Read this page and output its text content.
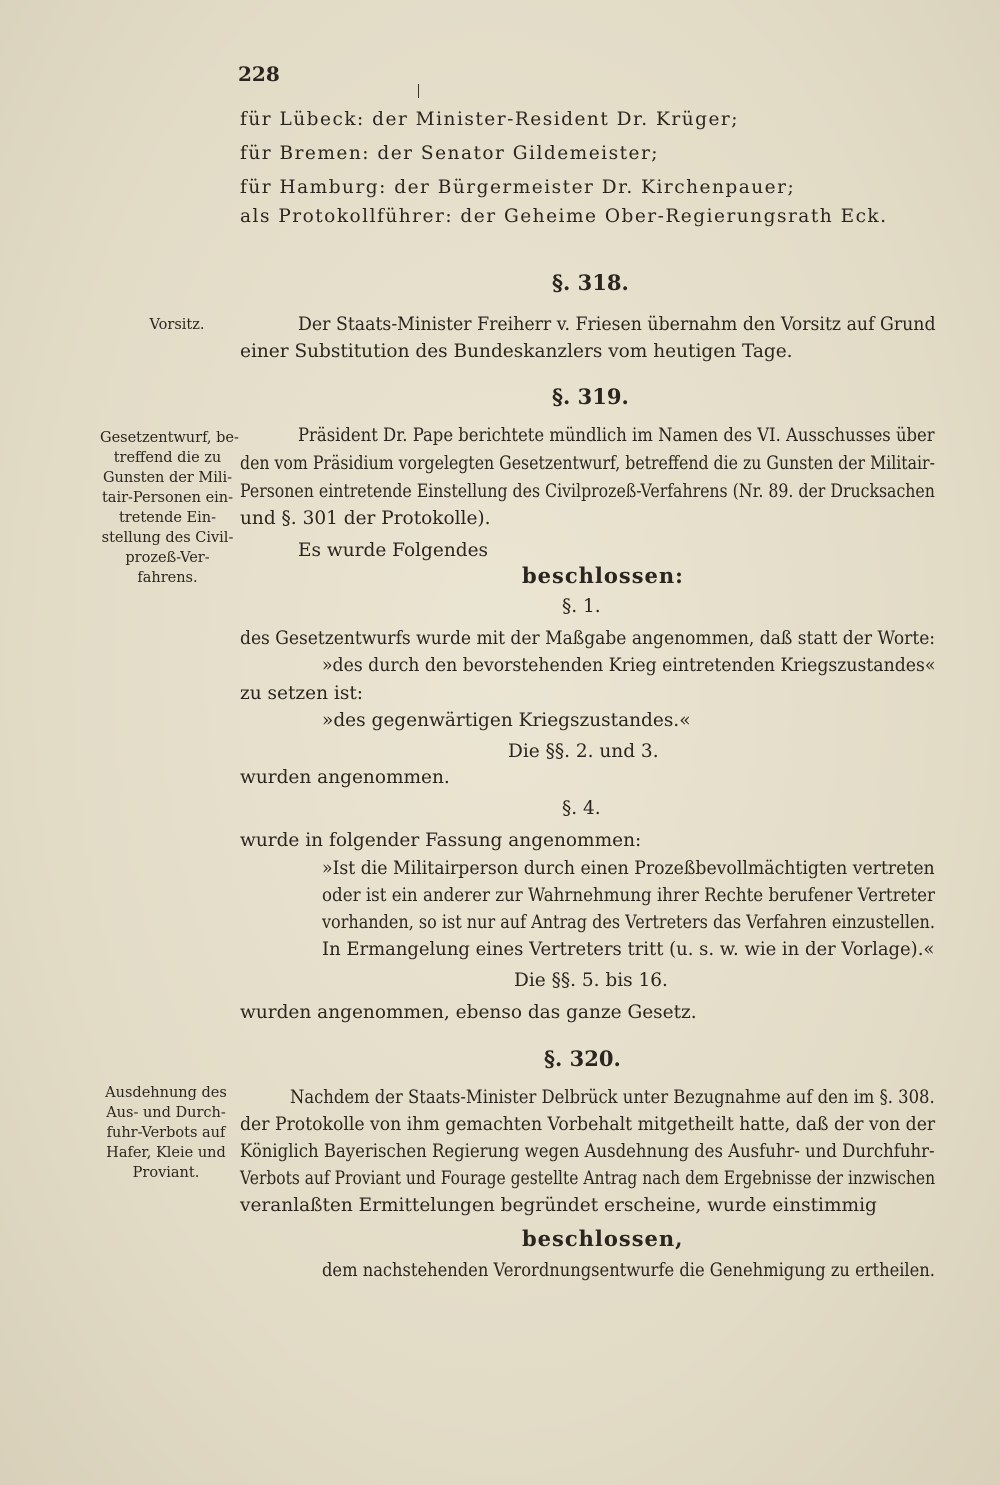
228
für Lübeck: der Minister-Resident Dr. Krüger;
für Bremen: der Senator Gildemeister;
für Hamburg: der Bürgermeister Dr. Kirchenpauer;
als Protokollführer: der Geheime Ober-Regierungsrath Eck.
§. 318.
Vorsitz.	Der Staats-Minister Freiherr v. Friesen übernahm den Vorsitz auf Grund
einer Substitution des Bundeskanzlers vom heutigen Tage.
§. 319.
Gesetzentwurf, be-
treffend die zu
Gunsten der Mili-
tair-Personen ein-
tretende Ein-
stellung des Civil-
prozeß-Ver-
fahrens.
Präsident Dr. Pape berichtete mündlich im Namen des VI. Ausschusses über
den vom Präsidium vorgelegten Gesetzentwurf, betreffend die zu Gunsten der Militair-
Personen eintretende Einstellung des Civilprozeß-Verfahrens (Nr. 89. der Drucksachen
und §. 301 der Protokolle).
Es wurde Folgendes
beschlossen:
§. 1.
des Gesetzentwurfs wurde mit der Maßgabe angenommen, daß statt der Worte:
»des durch den bevorstehenden Krieg eintretenden Kriegszustandes«
zu setzen ist:
»des gegenwärtigen Kriegszustandes.«
Die §§. 2. und 3.
wurden angenommen.
§. 4.
wurde in folgender Fassung angenommen:
»Ist die Militairperson durch einen Prozeßbevollmächtigten vertreten
oder ist ein anderer zur Wahrnehmung ihrer Rechte berufener Vertreter
vorhanden, so ist nur auf Antrag des Vertreters das Verfahren einzustellen.
In Ermangelung eines Vertreters tritt (u. s. w. wie in der Vorlage).«
Die §§. 5. bis 16.
wurden angenommen, ebenso das ganze Gesetz.
§. 320.
Ausdehnung des
Aus- und Durch-
fuhr-Verbots auf
Hafer, Kleie und
Proviant.
Nachdem der Staats-Minister Delbrück unter Bezugnahme auf den im §. 308.
der Protokolle von ihm gemachten Vorbehalt mitgetheilt hatte, daß der von der
Königlich Bayerischen Regierung wegen Ausdehnung des Ausfuhr- und Durchfuhr-
Verbots auf Proviant und Fourage gestellte Antrag nach dem Ergebnisse der inzwischen
veranlaßten Ermittelungen begründet erscheine, wurde einstimmig
beschlossen,
dem nachstehenden Verordnungsentwurfe die Genehmigung zu ertheilen.
